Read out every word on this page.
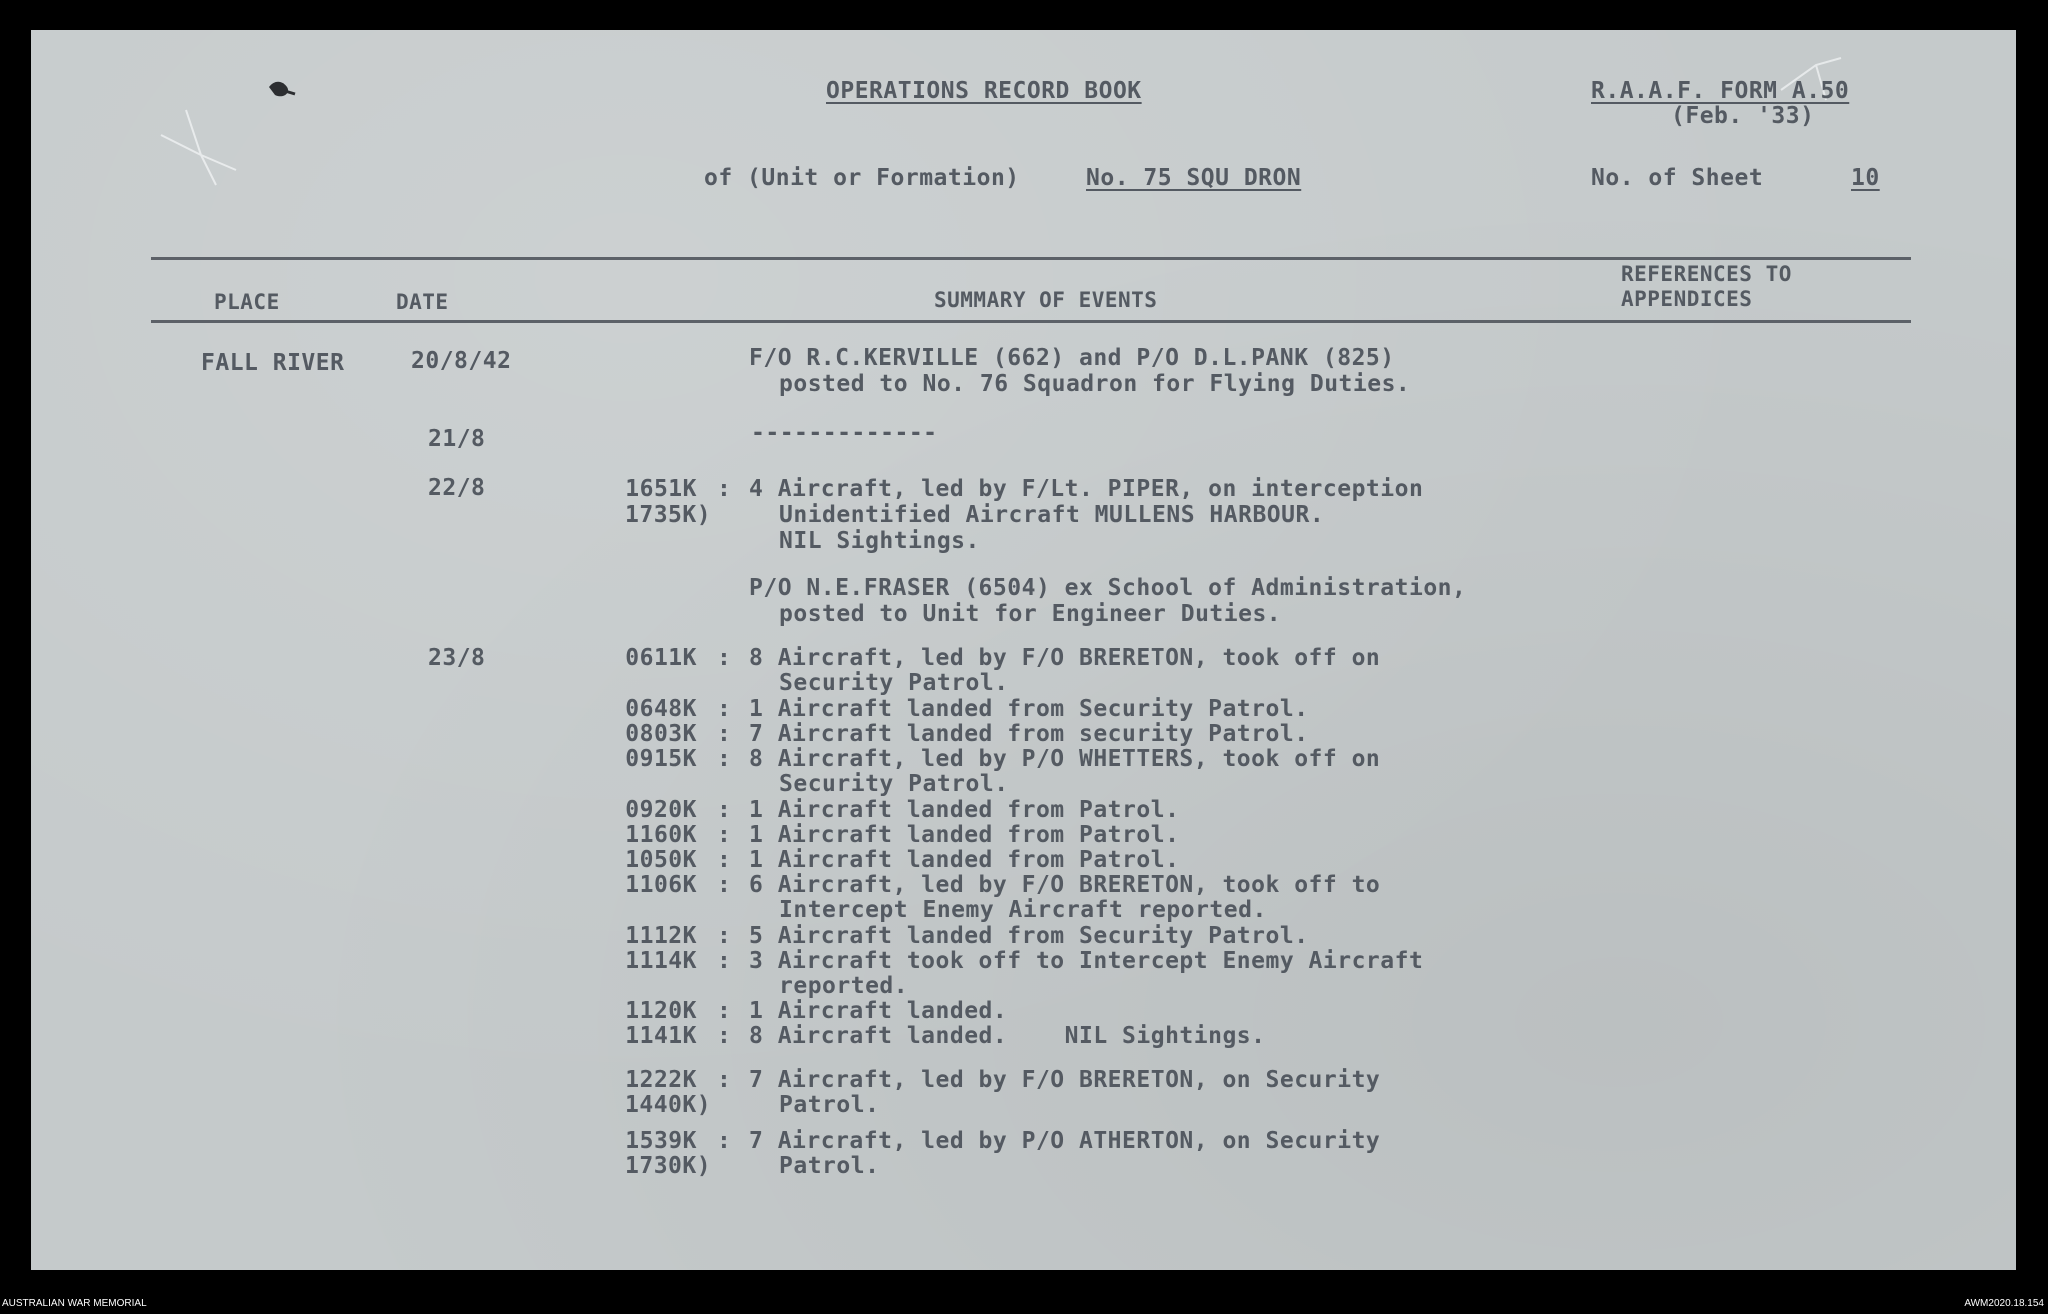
OPERATIONS RECORD BOOK	R.A.A.F. FORM A.50
(Feb. '33)
of (Unit or Formation)	No. 75 SQU DRON	No. of Sheet	10
PLACE	DATE	SUMMARY OF EVENTS
REFERENCES TO
APPENDICES
FALL RIVER	20/8/42	F/O R.C.KERVILLE (662) and P/O D.L.PANK (825)
posted to No. 76 Squadron for Flying Duties.
21/8	-------------
22/8	1651K : 4 Aircraft, led by F/Lt. PIPER, on interception
1735K)	Unidentified Aircraft MULLENS HARBOUR.
NIL Sightings.
P/O N.E.FRASER (6504) ex School of Administration,
posted to Unit for Engineer Duties.
23/8	0611K : 8 Aircraft, led by F/O BRERETON, took off on
Security Patrol.
0648K : 1 Aircraft landed from Security Patrol.
0803K : 7 Aircraft landed from security Patrol.
0915K : 8 Aircraft, led by P/O WHETTERS, took off on
Security Patrol.
0920K : 1 Aircraft landed from Patrol.
1160K : 1 Aircraft landed from Patrol.
1050K : 1 Aircraft landed from Patrol.
1106K : 6 Aircraft, led by F/O BRERETON, took off to
Intercept Enemy Aircraft reported.
1112K : 5 Aircraft landed from Security Patrol.
1114K : 3 Aircraft took off to Intercept Enemy Aircraft
reported.
1120K : 1 Aircraft landed.
1141K : 8 Aircraft landed.    NIL Sightings.
1222K : 7 Aircraft, led by F/O BRERETON, on Security
1440K)	Patrol.
1539K : 7 Aircraft, led by P/O ATHERTON, on Security
1730K)	Patrol.
AUSTRALIAN WAR MEMORIAL	AWM2020.18.154
